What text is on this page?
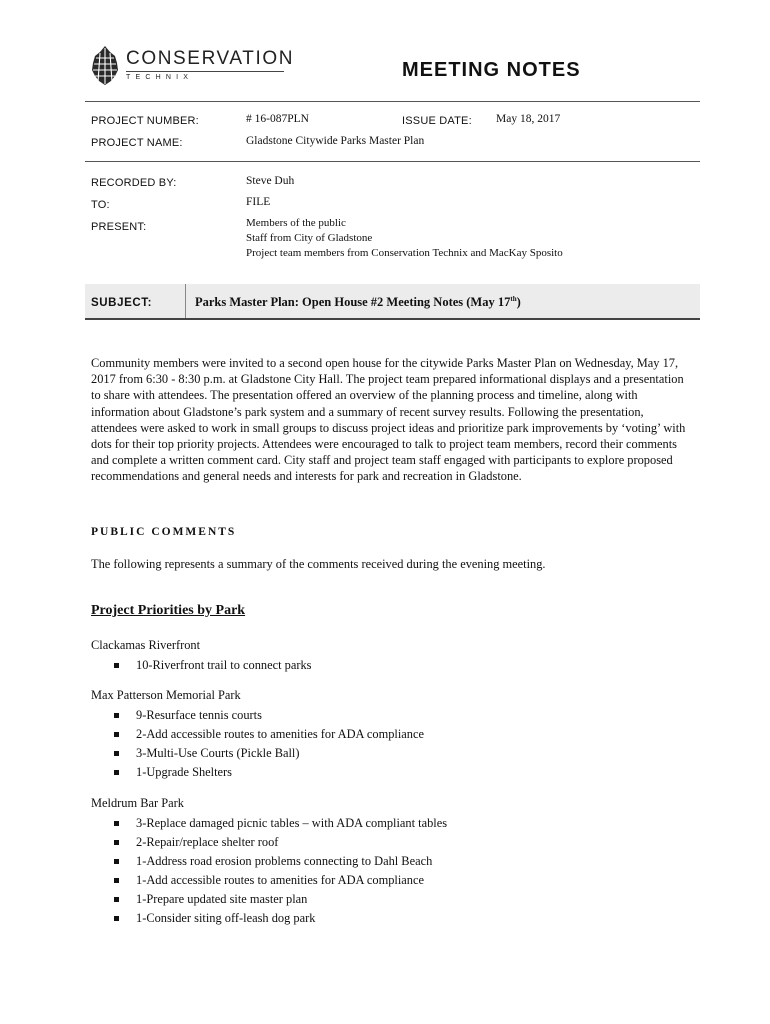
CONSERVATION
TECHNIX	MEETING NOTES
PROJECT NUMBER:	# 16-087PLN	ISSUE DATE: May 18, 2017
PROJECT NAME:	Gladstone Citywide Parks Master Plan
RECORDED BY:	Steve Duh
TO:	FILE
PRESENT:	Members of the public
Staff from City of Gladstone
Project team members from Conservation Technix and MacKay Sposito
SUBJECT:	Parks Master Plan: Open House #2 Meeting Notes (May 17th)
Community members were invited to a second open house for the citywide Parks Master Plan on Wednesday, May 17, 2017 from 6:30 - 8:30 p.m. at Gladstone City Hall. The project team prepared informational displays and a presentation to share with attendees. The presentation offered an overview of the planning process and timeline, along with information about Gladstone’s park system and a summary of recent survey results. Following the presentation, attendees were asked to work in small groups to discuss project ideas and prioritize park improvements by ‘voting’ with dots for their top priority projects. Attendees were encouraged to talk to project team members, record their comments and complete a written comment card. City staff and project team staff engaged with participants to explore proposed recommendations and general needs and interests for park and recreation in Gladstone.
PUBLIC COMMENTS
The following represents a summary of the comments received during the evening meeting.
Project Priorities by Park
Clackamas Riverfront
10-Riverfront trail to connect parks
Max Patterson Memorial Park
9-Resurface tennis courts
2-Add accessible routes to amenities for ADA compliance
3-Multi-Use Courts (Pickle Ball)
1-Upgrade Shelters
Meldrum Bar Park
3-Replace damaged picnic tables – with ADA compliant tables
2-Repair/replace shelter roof
1-Address road erosion problems connecting to Dahl Beach
1-Add accessible routes to amenities for ADA compliance
1-Prepare updated site master plan
1-Consider siting off-leash dog park
